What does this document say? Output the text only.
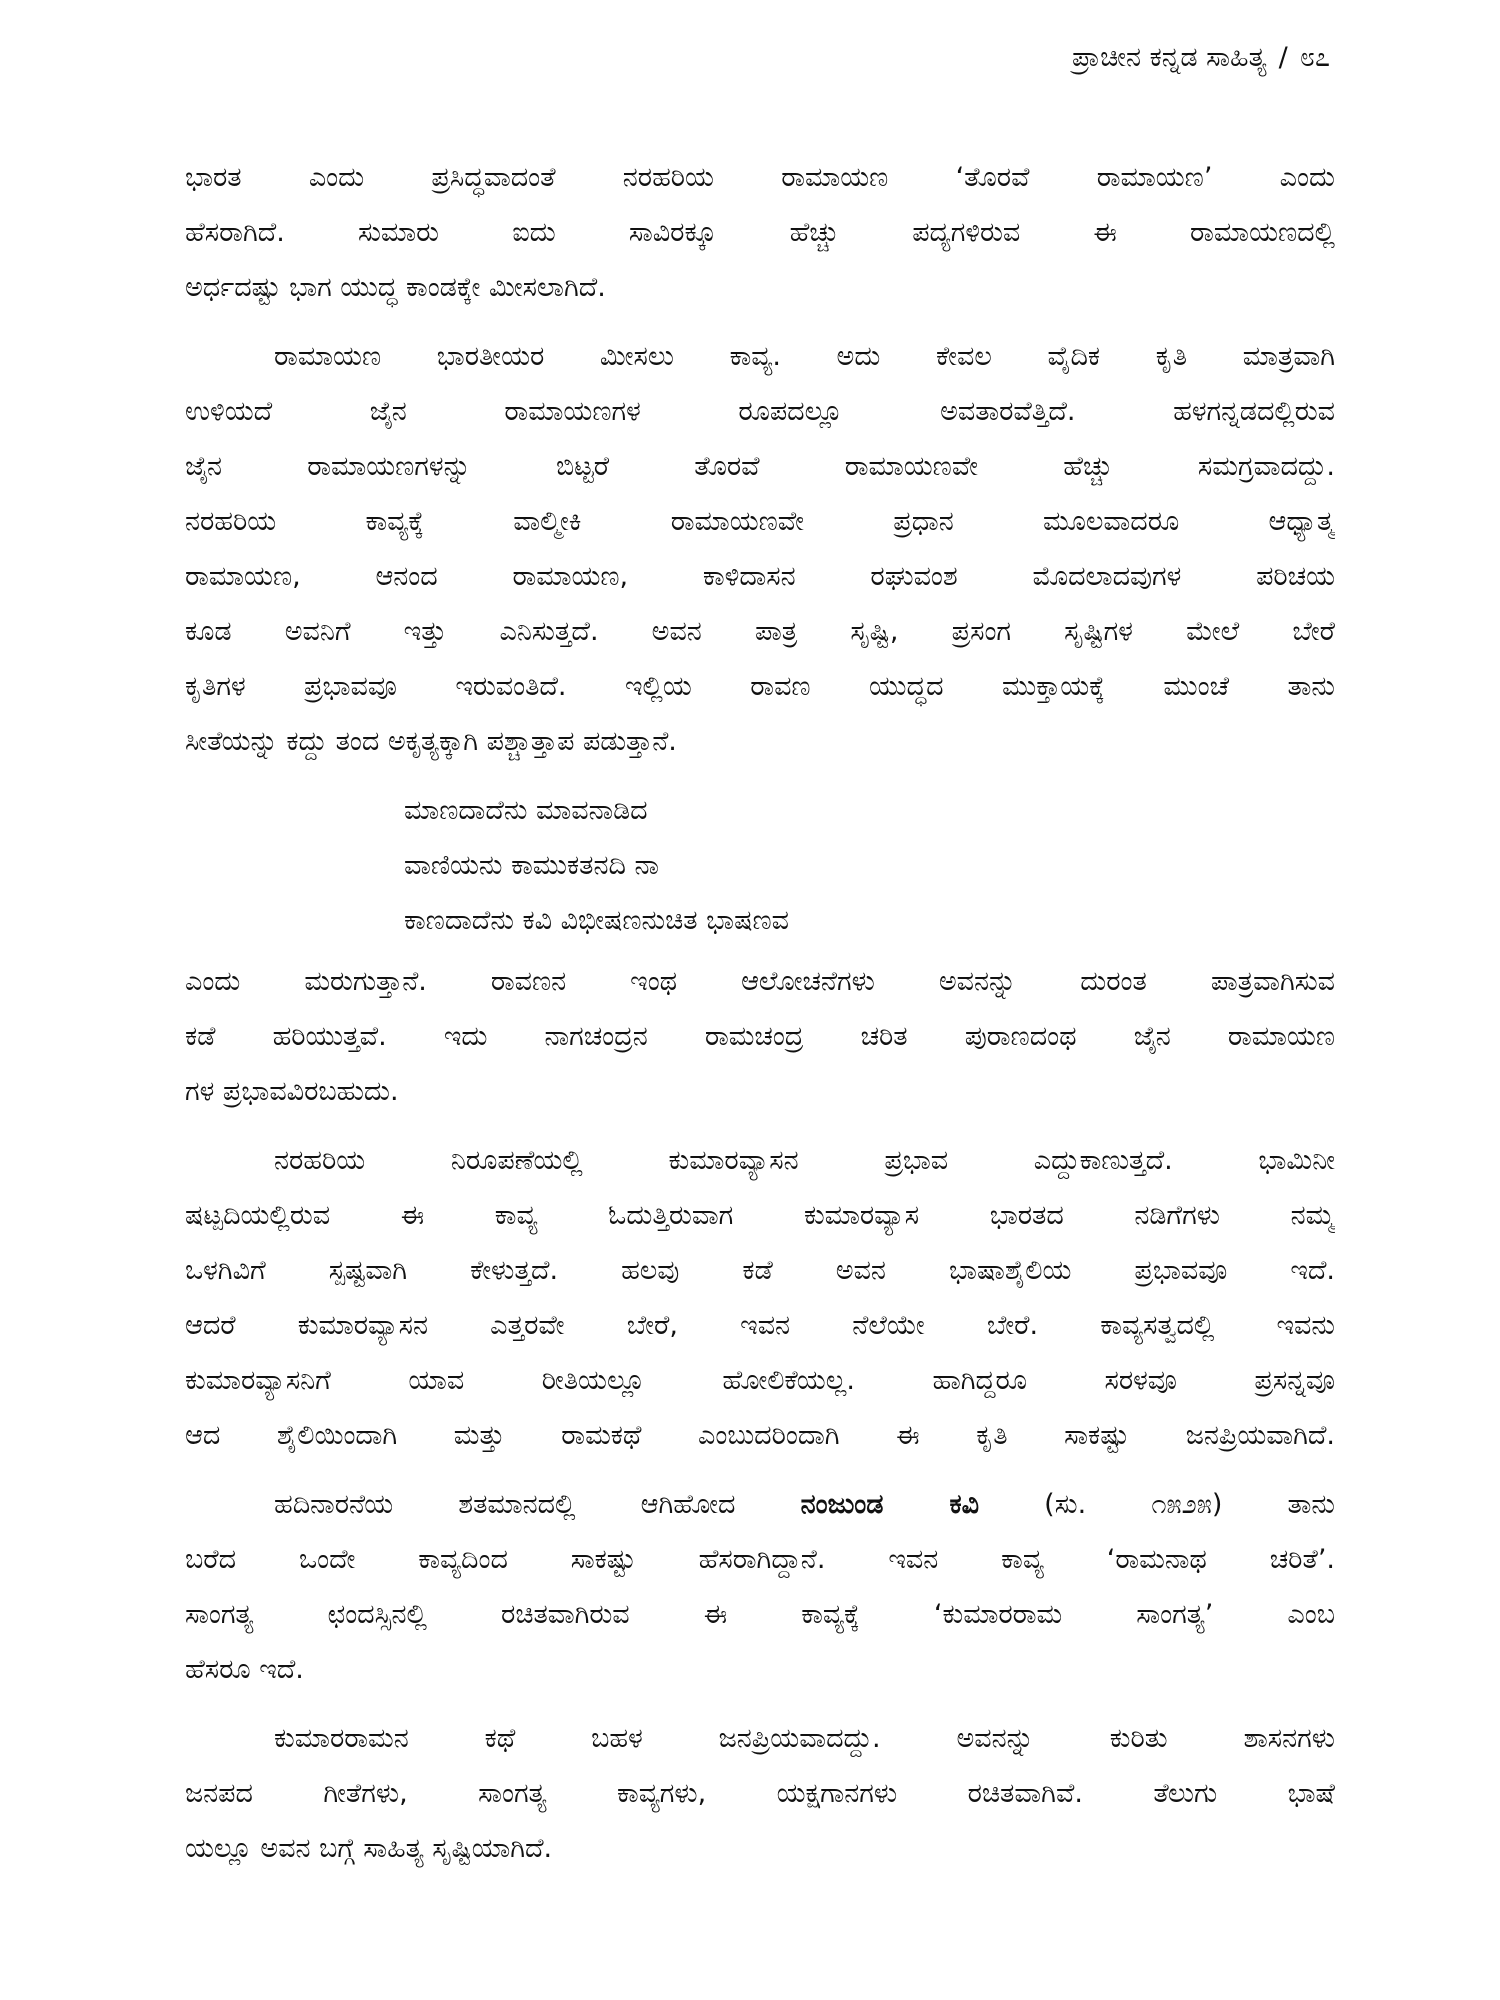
ಪ್ರಾಚೀನ ಕನ್ನಡ ಸಾಹಿತ್ಯ / ೮೭
ಭಾರತ ಎಂದು ಪ್ರಸಿದ್ಧವಾದಂತೆ ನರಹರಿಯ ರಾಮಾಯಣ ‘ತೊರವೆ ರಾಮಾಯಣ’ ಎಂದು
ಹೆಸರಾಗಿದೆ. ಸುಮಾರು ಐದು ಸಾವಿರಕ್ಕೂ ಹೆಚ್ಚು ಪದ್ಯಗಳಿರುವ ಈ ರಾಮಾಯಣದಲ್ಲಿ
ಅರ್ಧದಷ್ಟು ಭಾಗ ಯುದ್ಧ ಕಾಂಡಕ್ಕೇ ಮೀಸಲಾಗಿದೆ.
ರಾಮಾಯಣ ಭಾರತೀಯರ ಮೀಸಲು ಕಾವ್ಯ. ಅದು ಕೇವಲ ವೈದಿಕ ಕೃತಿ ಮಾತ್ರವಾಗಿ
ಉಳಿಯದೆ ಜೈನ ರಾಮಾಯಣಗಳ ರೂಪದಲ್ಲೂ ಅವತಾರವೆತ್ತಿದೆ. ಹಳಗನ್ನಡದಲ್ಲಿರುವ
ಜೈನ ರಾಮಾಯಣಗಳನ್ನು ಬಿಟ್ಟರೆ ತೊರವೆ ರಾಮಾಯಣವೇ ಹೆಚ್ಚು ಸಮಗ್ರವಾದದ್ದು.
ನರಹರಿಯ ಕಾವ್ಯಕ್ಕೆ ವಾಲ್ಮೀಕಿ ರಾಮಾಯಣವೇ ಪ್ರಧಾನ ಮೂಲವಾದರೂ ಆಧ್ಯಾತ್ಮ
ರಾಮಾಯಣ, ಆನಂದ ರಾಮಾಯಣ, ಕಾಳಿದಾಸನ ರಘುವಂಶ ಮೊದಲಾದವುಗಳ ಪರಿಚಯ
ಕೂಡ ಅವನಿಗೆ ಇತ್ತು ಎನಿಸುತ್ತದೆ. ಅವನ ಪಾತ್ರ ಸೃಷ್ಟಿ, ಪ್ರಸಂಗ ಸೃಷ್ಟಿಗಳ ಮೇಲೆ ಬೇರೆ
ಕೃತಿಗಳ ಪ್ರಭಾವವೂ ಇರುವಂತಿದೆ. ಇಲ್ಲಿಯ ರಾವಣ ಯುದ್ಧದ ಮುಕ್ತಾಯಕ್ಕೆ ಮುಂಚೆ ತಾನು
ಸೀತೆಯನ್ನು ಕದ್ದು ತಂದ ಅಕೃತ್ಯಕ್ಕಾಗಿ ಪಶ್ಚಾತ್ತಾಪ ಪಡುತ್ತಾನೆ.
ಮಾಣದಾದೆನು ಮಾವನಾಡಿದ
ವಾಣಿಯನು ಕಾಮುಕತನದಿ ನಾ
ಕಾಣದಾದೆನು ಕವಿ ವಿಭೀಷಣನುಚಿತ ಭಾಷಣವ
ಎಂದು ಮರುಗುತ್ತಾನೆ. ರಾವಣನ ಇಂಥ ಆಲೋಚನೆಗಳು ಅವನನ್ನು ದುರಂತ ಪಾತ್ರವಾಗಿಸುವ
ಕಡೆ ಹರಿಯುತ್ತವೆ. ಇದು ನಾಗಚಂದ್ರನ ರಾಮಚಂದ್ರ ಚರಿತ ಪುರಾಣದಂಥ ಜೈನ ರಾಮಾಯಣ
ಗಳ ಪ್ರಭಾವವಿರಬಹುದು.
ನರಹರಿಯ ನಿರೂಪಣೆಯಲ್ಲಿ ಕುಮಾರವ್ಯಾಸನ ಪ್ರಭಾವ ಎದ್ದುಕಾಣುತ್ತದೆ. ಭಾಮಿನೀ
ಷಟ್ಪದಿಯಲ್ಲಿರುವ ಈ ಕಾವ್ಯ ಓದುತ್ತಿರುವಾಗ ಕುಮಾರವ್ಯಾಸ ಭಾರತದ ನಡಿಗೆಗಳು ನಮ್ಮ
ಒಳಗಿವಿಗೆ ಸ್ಪಷ್ಟವಾಗಿ ಕೇಳುತ್ತದೆ. ಹಲವು ಕಡೆ ಅವನ ಭಾಷಾಶೈಲಿಯ ಪ್ರಭಾವವೂ ಇದೆ.
ಆದರೆ ಕುಮಾರವ್ಯಾಸನ ಎತ್ತರವೇ ಬೇರೆ, ಇವನ ನೆಲೆಯೇ ಬೇರೆ. ಕಾವ್ಯಸತ್ವದಲ್ಲಿ ಇವನು
ಕುಮಾರವ್ಯಾಸನಿಗೆ ಯಾವ ರೀತಿಯಲ್ಲೂ ಹೋಲಿಕೆಯಲ್ಲ. ಹಾಗಿದ್ದರೂ ಸರಳವೂ ಪ್ರಸನ್ನವೂ
ಆದ ಶೈಲಿಯಿಂದಾಗಿ ಮತ್ತು ರಾಮಕಥೆ ಎಂಬುದರಿಂದಾಗಿ ಈ ಕೃತಿ ಸಾಕಷ್ಟು ಜನಪ್ರಿಯವಾಗಿದೆ.
ಹದಿನಾರನೆಯ ಶತಮಾನದಲ್ಲಿ ಆಗಿಹೋದ ನಂಜುಂಡ ಕವಿ (ಸು. ೧೫೨೫) ತಾನು
ಬರೆದ ಒಂದೇ ಕಾವ್ಯದಿಂದ ಸಾಕಷ್ಟು ಹೆಸರಾಗಿದ್ದಾನೆ. ಇವನ ಕಾವ್ಯ ‘ರಾಮನಾಥ ಚರಿತೆ’.
ಸಾಂಗತ್ಯ ಛಂದಸ್ಸಿನಲ್ಲಿ ರಚಿತವಾಗಿರುವ ಈ ಕಾವ್ಯಕ್ಕೆ ‘ಕುಮಾರರಾಮ ಸಾಂಗತ್ಯ’ ಎಂಬ
ಹೆಸರೂ ಇದೆ.
ಕುಮಾರರಾಮನ ಕಥೆ ಬಹಳ ಜನಪ್ರಿಯವಾದದ್ದು. ಅವನನ್ನು ಕುರಿತು ಶಾಸನಗಳು
ಜನಪದ ಗೀತೆಗಳು, ಸಾಂಗತ್ಯ ಕಾವ್ಯಗಳು, ಯಕ್ಷಗಾನಗಳು ರಚಿತವಾಗಿವೆ. ತೆಲುಗು ಭಾಷೆ
ಯಲ್ಲೂ ಅವನ ಬಗ್ಗೆ ಸಾಹಿತ್ಯ ಸೃಷ್ಟಿಯಾಗಿದೆ.
